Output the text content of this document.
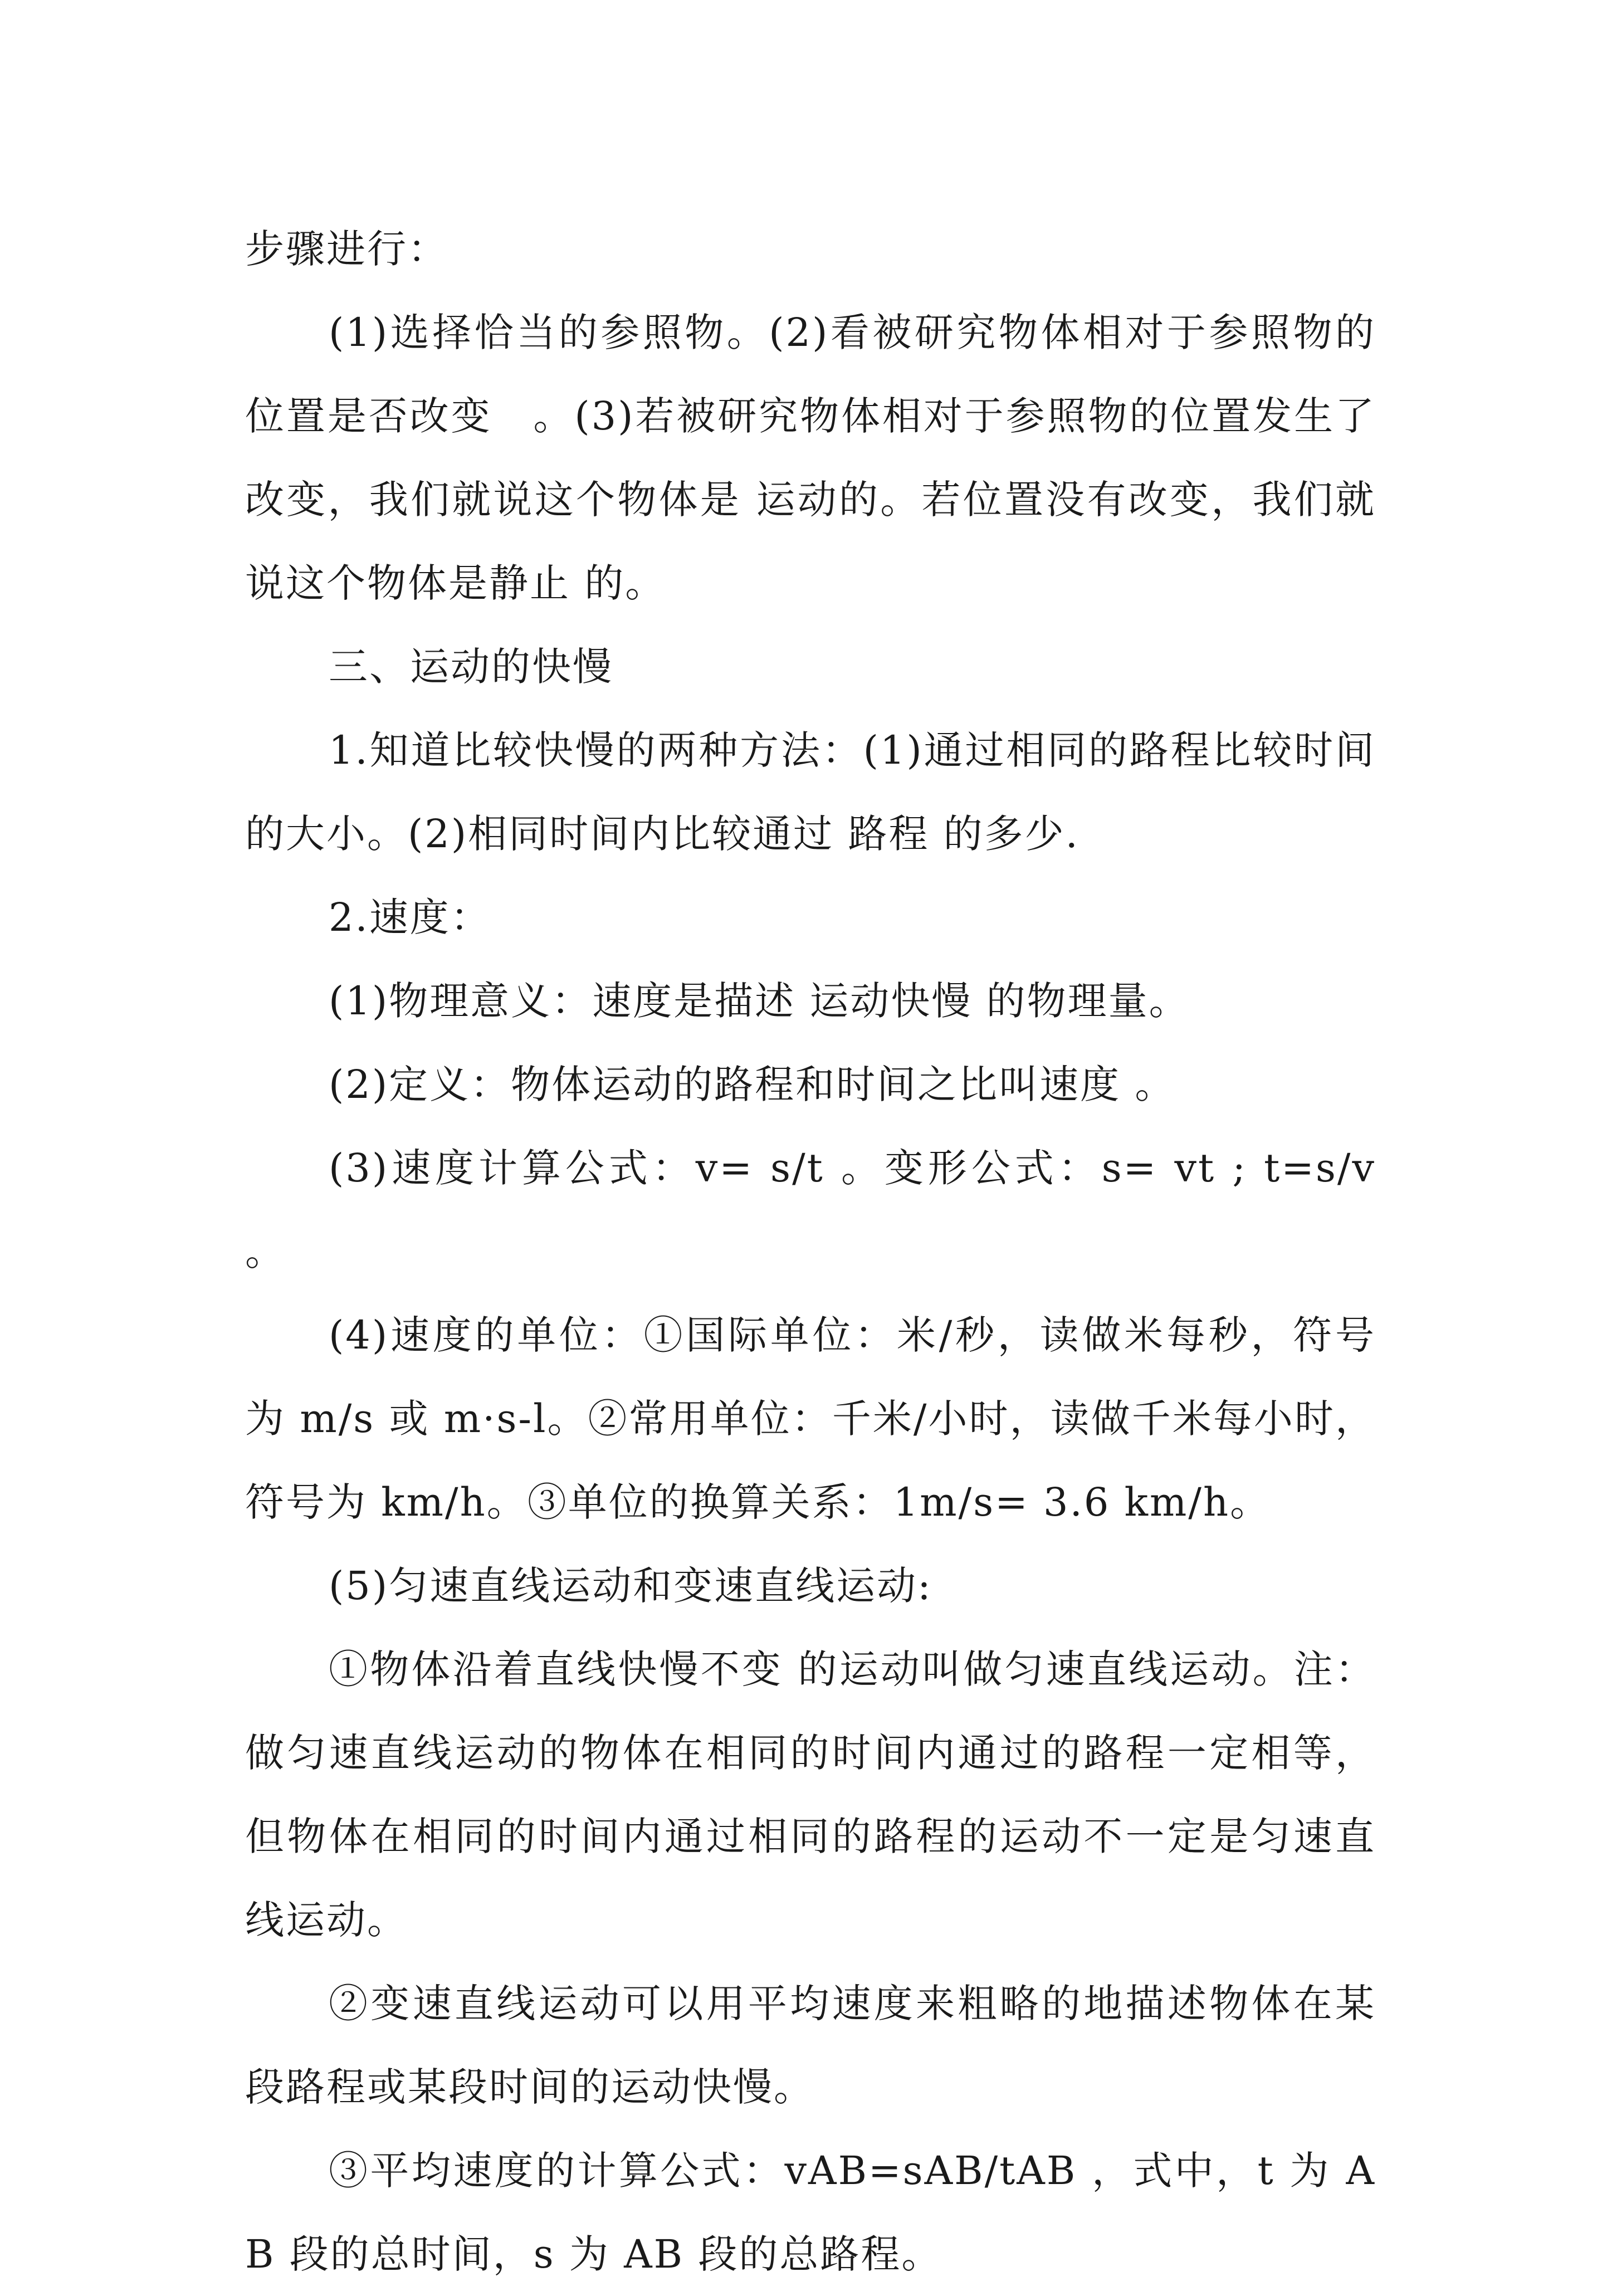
步骤进行：

(1)选择恰当的参照物。(2)看被研究物体相对于参照物的位置是否改变　。(3)若被研究物体相对于参照物的位置发生了改变，我们就说这个物体是 运动的。若位置没有改变，我们就说这个物体是静止 的。

三、运动的快慢

1.知道比较快慢的两种方法：(1)通过相同的路程比较时间的大小。(2)相同时间内比较通过 路程 的多少.

2.速度：

(1)物理意义：速度是描述 运动快慢 的物理量。

(2)定义：物体运动的路程和时间之比叫速度 。

(3)速度计算公式：v= s/t 。变形公式：s= vt ; t=s/v 。

(4)速度的单位：①国际单位：米/秒，读做米每秒，符号为 m/s 或 m·s-l。②常用单位：千米/小时，读做千米每小时，符号为 km/h。③单位的换算关系：1m/s= 3.6 km/h。

(5)匀速直线运动和变速直线运动:

①物体沿着直线快慢不变 的运动叫做匀速直线运动。注：做匀速直线运动的物体在相同的时间内通过的路程一定相等，但物体在相同的时间内通过相同的路程的运动不一定是匀速直线运动。

②变速直线运动可以用平均速度来粗略的地描述物体在某段路程或某段时间的运动快慢。

③平均速度的计算公式：vAB=sAB/tAB ，式中，t 为 AB 段的总时间，s 为 AB 段的总路程。
